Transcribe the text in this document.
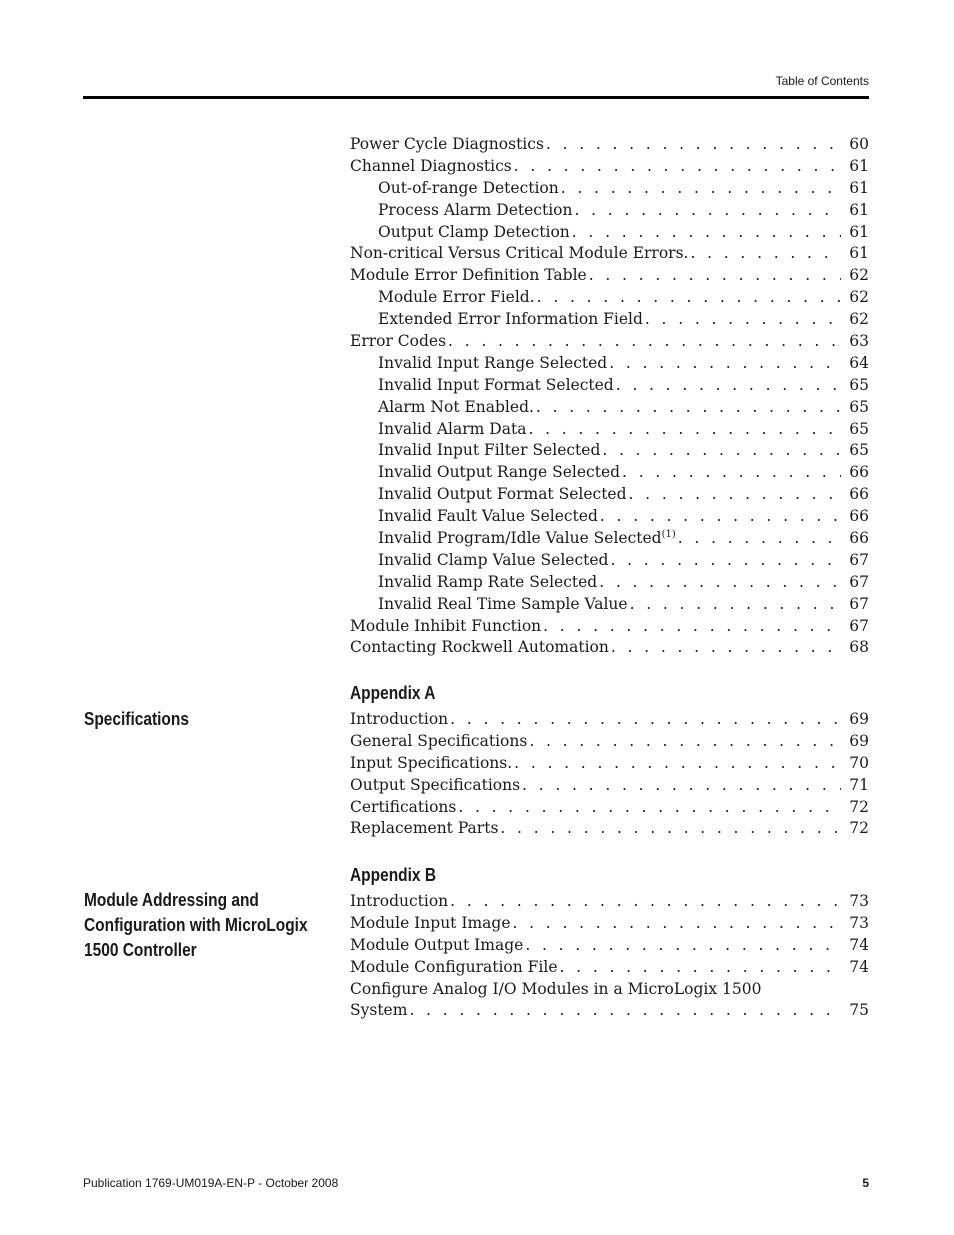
Table of Contents
Power Cycle Diagnostics . . .	60
Channel Diagnostics . . .	61
Out-of-range Detection . . .	61
Process Alarm Detection . . .	61
Output Clamp Detection . . .	61
Non-critical Versus Critical Module Errors. . . .	61
Module Error Definition Table . . .	62
Module Error Field. . . .	62
Extended Error Information Field . . .	62
Error Codes . . .	63
Invalid Input Range Selected . . .	64
Invalid Input Format Selected . . .	65
Alarm Not Enabled. . . .	65
Invalid Alarm Data . . .	65
Invalid Input Filter Selected . . .	65
Invalid Output Range Selected . . .	66
Invalid Output Format Selected . . .	66
Invalid Fault Value Selected . . .	66
Invalid Program/Idle Value Selected$^{(1)}$ . . .	66
Invalid Clamp Value Selected . . .	67
Invalid Ramp Rate Selected . . .	67
Invalid Real Time Sample Value . . .	67
Module Inhibit Function . . .	67
Contacting Rockwell Automation . . .	68
Appendix A
Specifications	Introduction . . .	69
General Specifications . . .	69
Input Specifications. . . .	70
Output Specifications . . .	71
Certifications . . .	72
Replacement Parts . . .	72
Appendix B
Module Addressing and
Configuration with MicroLogix
1500 Controller
Introduction . . .	73
Module Input Image . . .	73
Module Output Image . . .	74
Module Configuration File . . .	74
Configure Analog I/O Modules in a MicroLogix 1500
System . . .	75
Publication 1769-UM019A-EN-P - October 2008	5
